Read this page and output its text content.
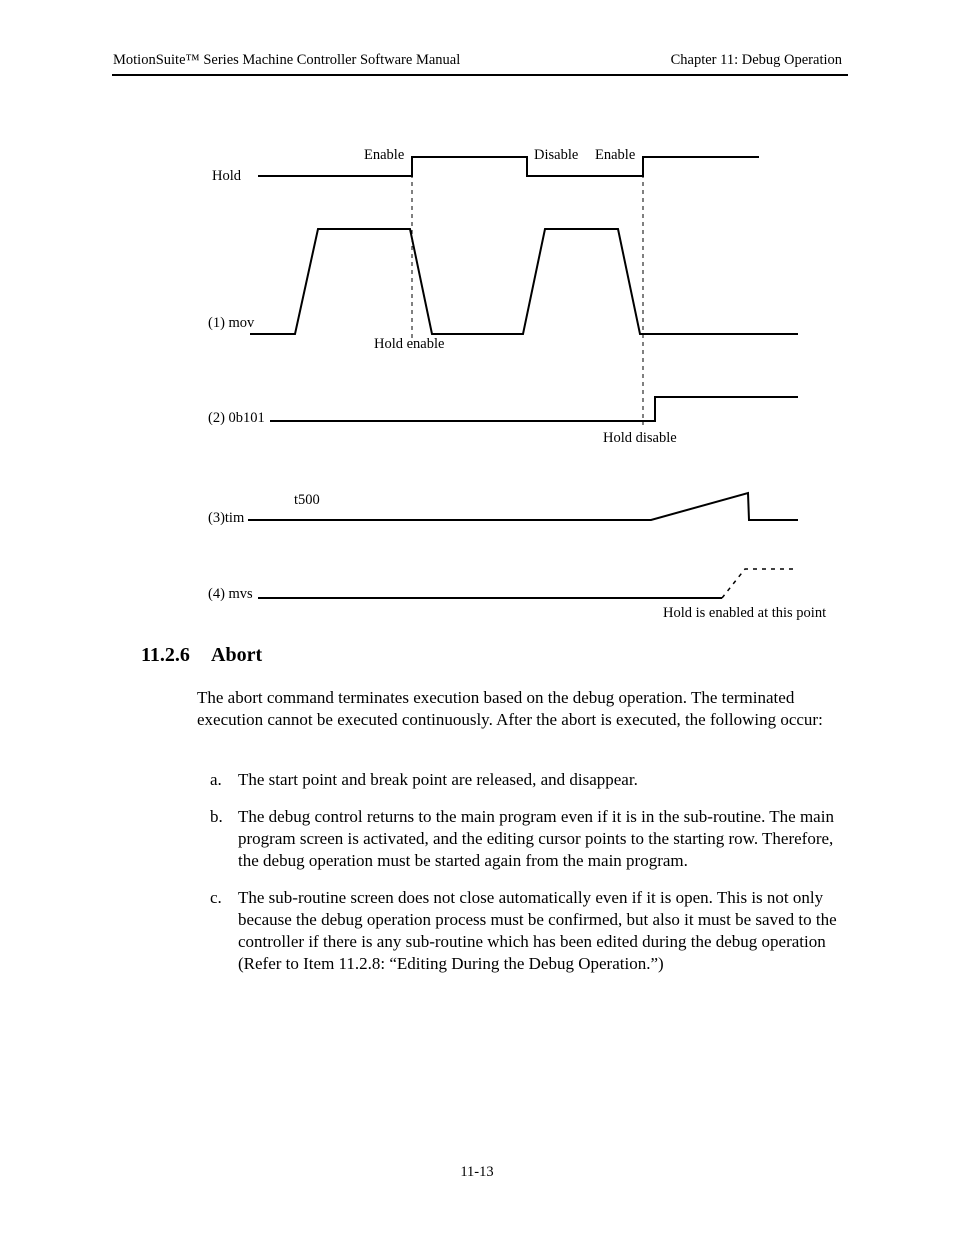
MotionSuite™ Series Machine Controller Software Manual	Chapter 11: Debug Operation
Enable	Disable Enable
Hold
(1) mov
Hold enable
(2) 0b101
Hold disable
t500
(3)tim
(4) mvs
Hold is enabled at this point
11.2.6 Abort
The abort command terminates execution based on the debug operation. The terminated execution cannot be executed continuously. After the abort is executed, the following occur:
a. The start point and break point are released, and disappear.
b. The debug control returns to the main program even if it is in the sub-routine. The main program screen is activated, and the editing cursor points to the starting row. Therefore, the debug operation must be started again from the main program.
c. The sub-routine screen does not close automatically even if it is open. This is not only because the debug operation process must be confirmed, but also it must be saved to the controller if there is any sub-routine which has been edited during the debug operation (Refer to Item 11.2.8: “Editing During the Debug Operation.”)
11-13
